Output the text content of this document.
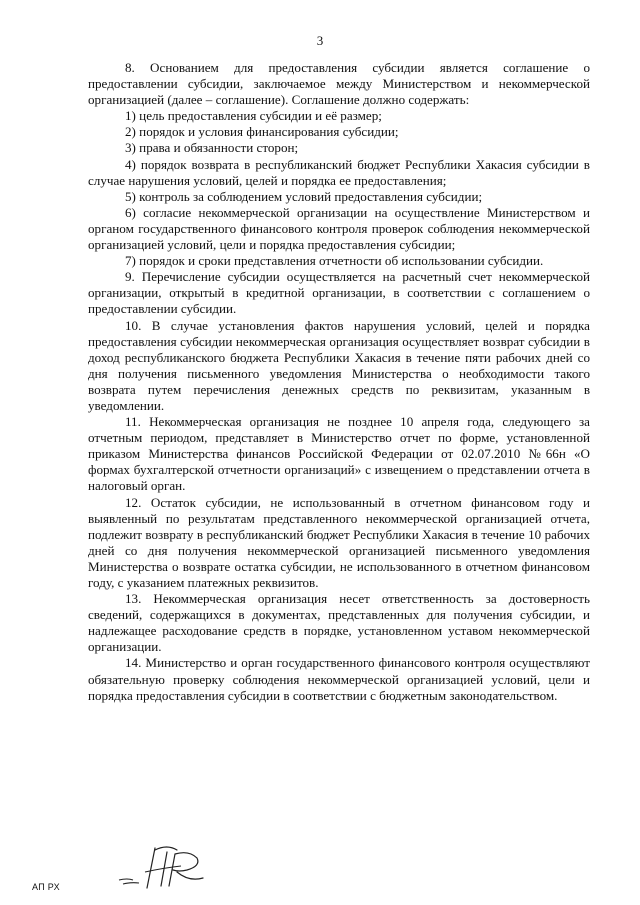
3

8. Основанием для предоставления субсидии является соглашение о предоставлении субсидии, заключаемое между Министерством и некоммерческой организацией (далее – соглашение). Соглашение должно содержать:

1) цель предоставления субсидии и её размер;

2) порядок и условия финансирования субсидии;

3) права и обязанности сторон;

4) порядок возврата в республиканский бюджет Республики Хакасия субсидии в случае нарушения условий, целей и порядка ее предоставления;

5) контроль за соблюдением условий предоставления субсидии;

6) согласие некоммерческой организации на осуществление Министерством и органом государственного финансового контроля проверок соблюдения некоммерческой организацией условий, цели и порядка предоставления субсидии;

7) порядок и сроки представления отчетности об использовании субсидии.

9. Перечисление субсидии осуществляется на расчетный счет некоммерческой организации, открытый в кредитной организации, в соответствии с соглашением о предоставлении субсидии.

10. В случае установления фактов нарушения условий, целей и порядка предоставления субсидии некоммерческая организация осуществляет возврат субсидии в доход республиканского бюджета Республики Хакасия в течение пяти рабочих дней со дня получения письменного уведомления Министерства о необходимости такого возврата путем перечисления денежных средств по реквизитам, указанным в уведомлении.

11. Некоммерческая организация не позднее 10 апреля года, следующего за отчетным периодом, представляет в Министерство отчет по форме, установленной приказом Министерства финансов Российской Федерации от 02.07.2010 №66н «О формах бухгалтерской отчетности организаций» с извещением о представлении отчета в налоговый орган.

12. Остаток субсидии, не использованный в отчетном финансовом году и выявленный по результатам представленного некоммерческой организацией отчета, подлежит возврату в республиканский бюджет Республики Хакасия в течение 10 рабочих дней со дня получения некоммерческой организацией письменного уведомления Министерства о возврате остатка субсидии, не использованного в отчетном финансовом году, с указанием платежных реквизитов.

13. Некоммерческая организация несет ответственность за достоверность сведений, содержащихся в документах, представленных для получения субсидии, и надлежащее расходование средств в порядке, установленном уставом некоммерческой организации.

14. Министерство и орган государственного финансового контроля осуществляют обязательную проверку соблюдения некоммерческой организацией условий, цели и порядка предоставления субсидии в соответствии с бюджетным законодательством.

АП РХ
